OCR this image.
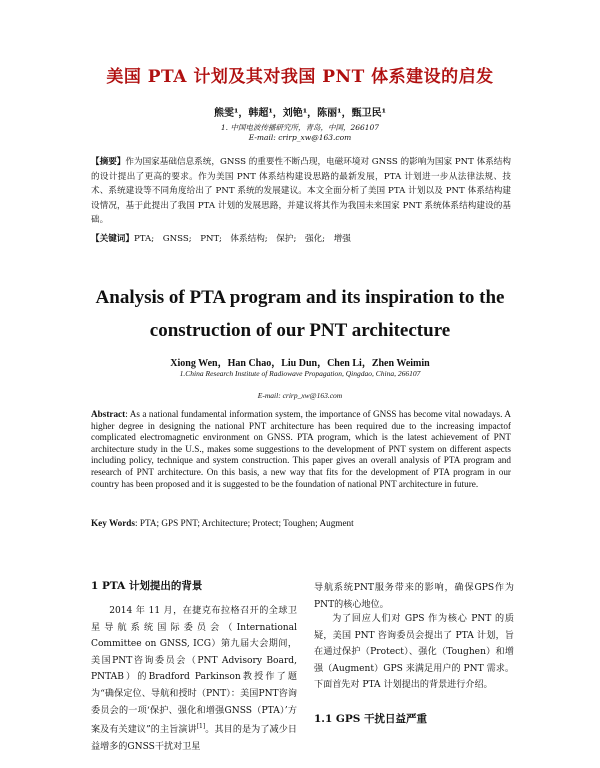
美国 PTA 计划及其对我国 PNT 体系建设的启发
熊雯¹，韩超¹，刘铯¹，陈丽¹，甄卫民¹
1. 中国电波传播研究所，青岛，中国，266107
E-mail: crirp_xw@163.com
【摘要】作为国家基础信息系统，GNSS 的重要性不断凸现，电磁环境对 GNSS 的影响为国家 PNT 体系结构的设计提出了更高的要求。作为美国 PNT 体系结构建设思路的最新发展，PTA 计划进一步从法律法规、技术、系统建设等不同角度给出了 PNT 系统的发展建议。本文全面分析了美国 PTA 计划以及 PNT 体系结构建设情况，基于此提出了我国 PTA 计划的发展思路，并建议将其作为我国未来国家 PNT 系统体系结构建设的基础。
【关键词】PTA;　GNSS;　PNT;　体系结构;　保护;　强化;　增强
Analysis of PTA program and its inspiration to the construction of our PNT architecture
Xiong Wen，Han Chao，Liu Dun，Chen Li，Zhen Weimin
1.China Research Institute of Radiowave Propagation, Qingdao, China, 266107
E-mail: crirp_xw@163.com
Abstract: As a national fundamental information system, the importance of GNSS has become vital nowadays. A higher degree in designing the national PNT architecture has been required due to the increasing impactof complicated electromagnetic environment on GNSS. PTA program, which is the latest achievement of PNT architecture study in the U.S., makes some suggestions to the development of PNT system on different aspects including policy, technique and system construction. This paper gives an overall analysis of PTA program and research of PNT architecture. On this basis, a new way that fits for the development of PTA program in our country has been proposed and it is suggested to be the foundation of national PNT architecture in future.
Key Words: PTA; GPS PNT; Architecture; Protect; Toughen; Augment
1 PTA 计划提出的背景
2014 年 11 月，在捷克布拉格召开的全球卫星导航系统国际委员会（International Committee on GNSS, ICG）第九届大会期间，美国PNT咨询委员会（PNT Advisory Board, PNTAB）的Bradford Parkinson教授作了题为“确保定位、导航和授时（PNT）：美国PNT咨询委员会的一项‘保护、强化和增强GNSS（PTA）’方案及有关建议”的主旨演讲[1]。其目的是为了减少日益增多的GNSS干扰对卫星
导航系统PNT服务带来的影响，确保GPS作为PNT的核心地位。
为了回应人们对 GPS 作为核心 PNT 的质疑，美国 PNT 咨询委员会提出了 PTA 计划，旨在通过保护（Protect）、强化（Toughen）和增强（Augment）GPS 来满足用户的 PNT 需求。下面首先对 PTA 计划提出的背景进行介绍。
1.1 GPS 干扰日益严重
